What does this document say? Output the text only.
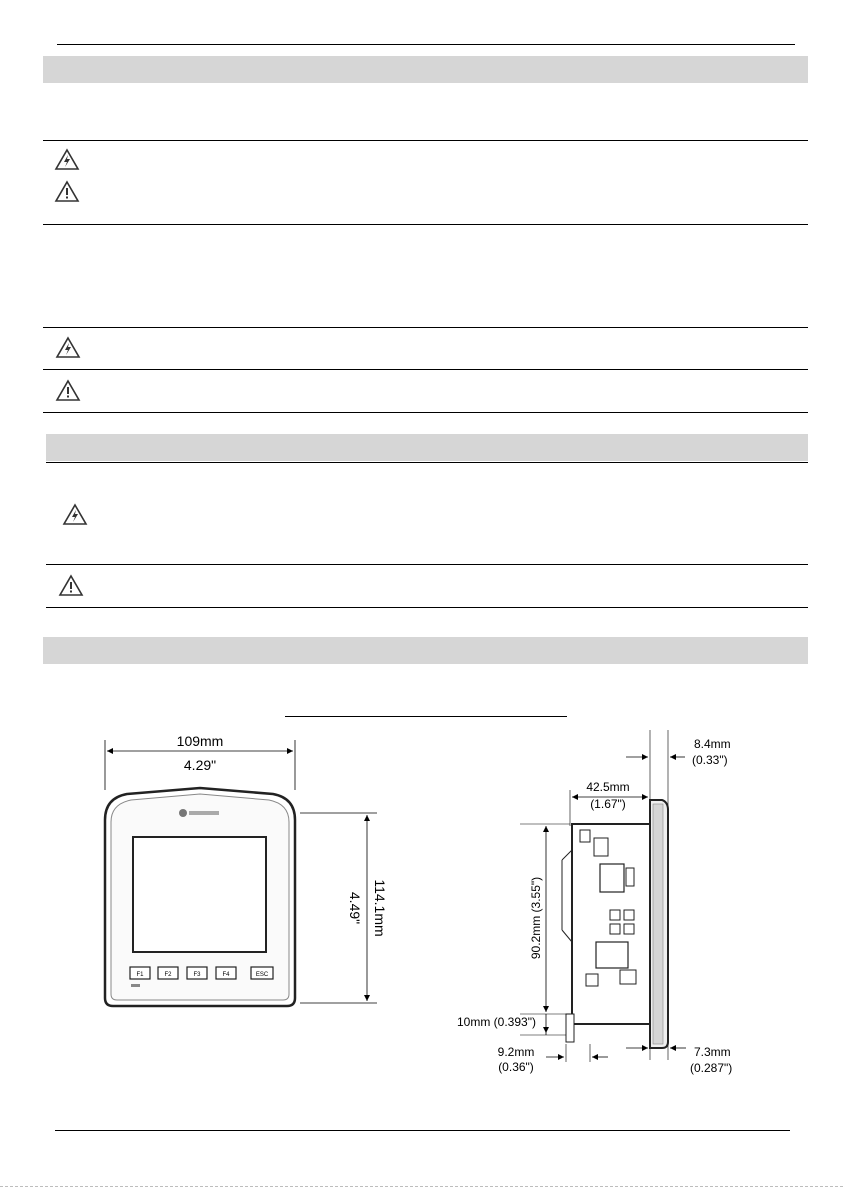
109mm
4.29"
F1	F2	F3	F4	ESC
114.1mm
4.49"
8.4mm
(0.33")
42.5mm
(1.67")
90.2mm (3.55")
10mm (0.393")
9.2mm
(0.36")
7.3mm
(0.287")
